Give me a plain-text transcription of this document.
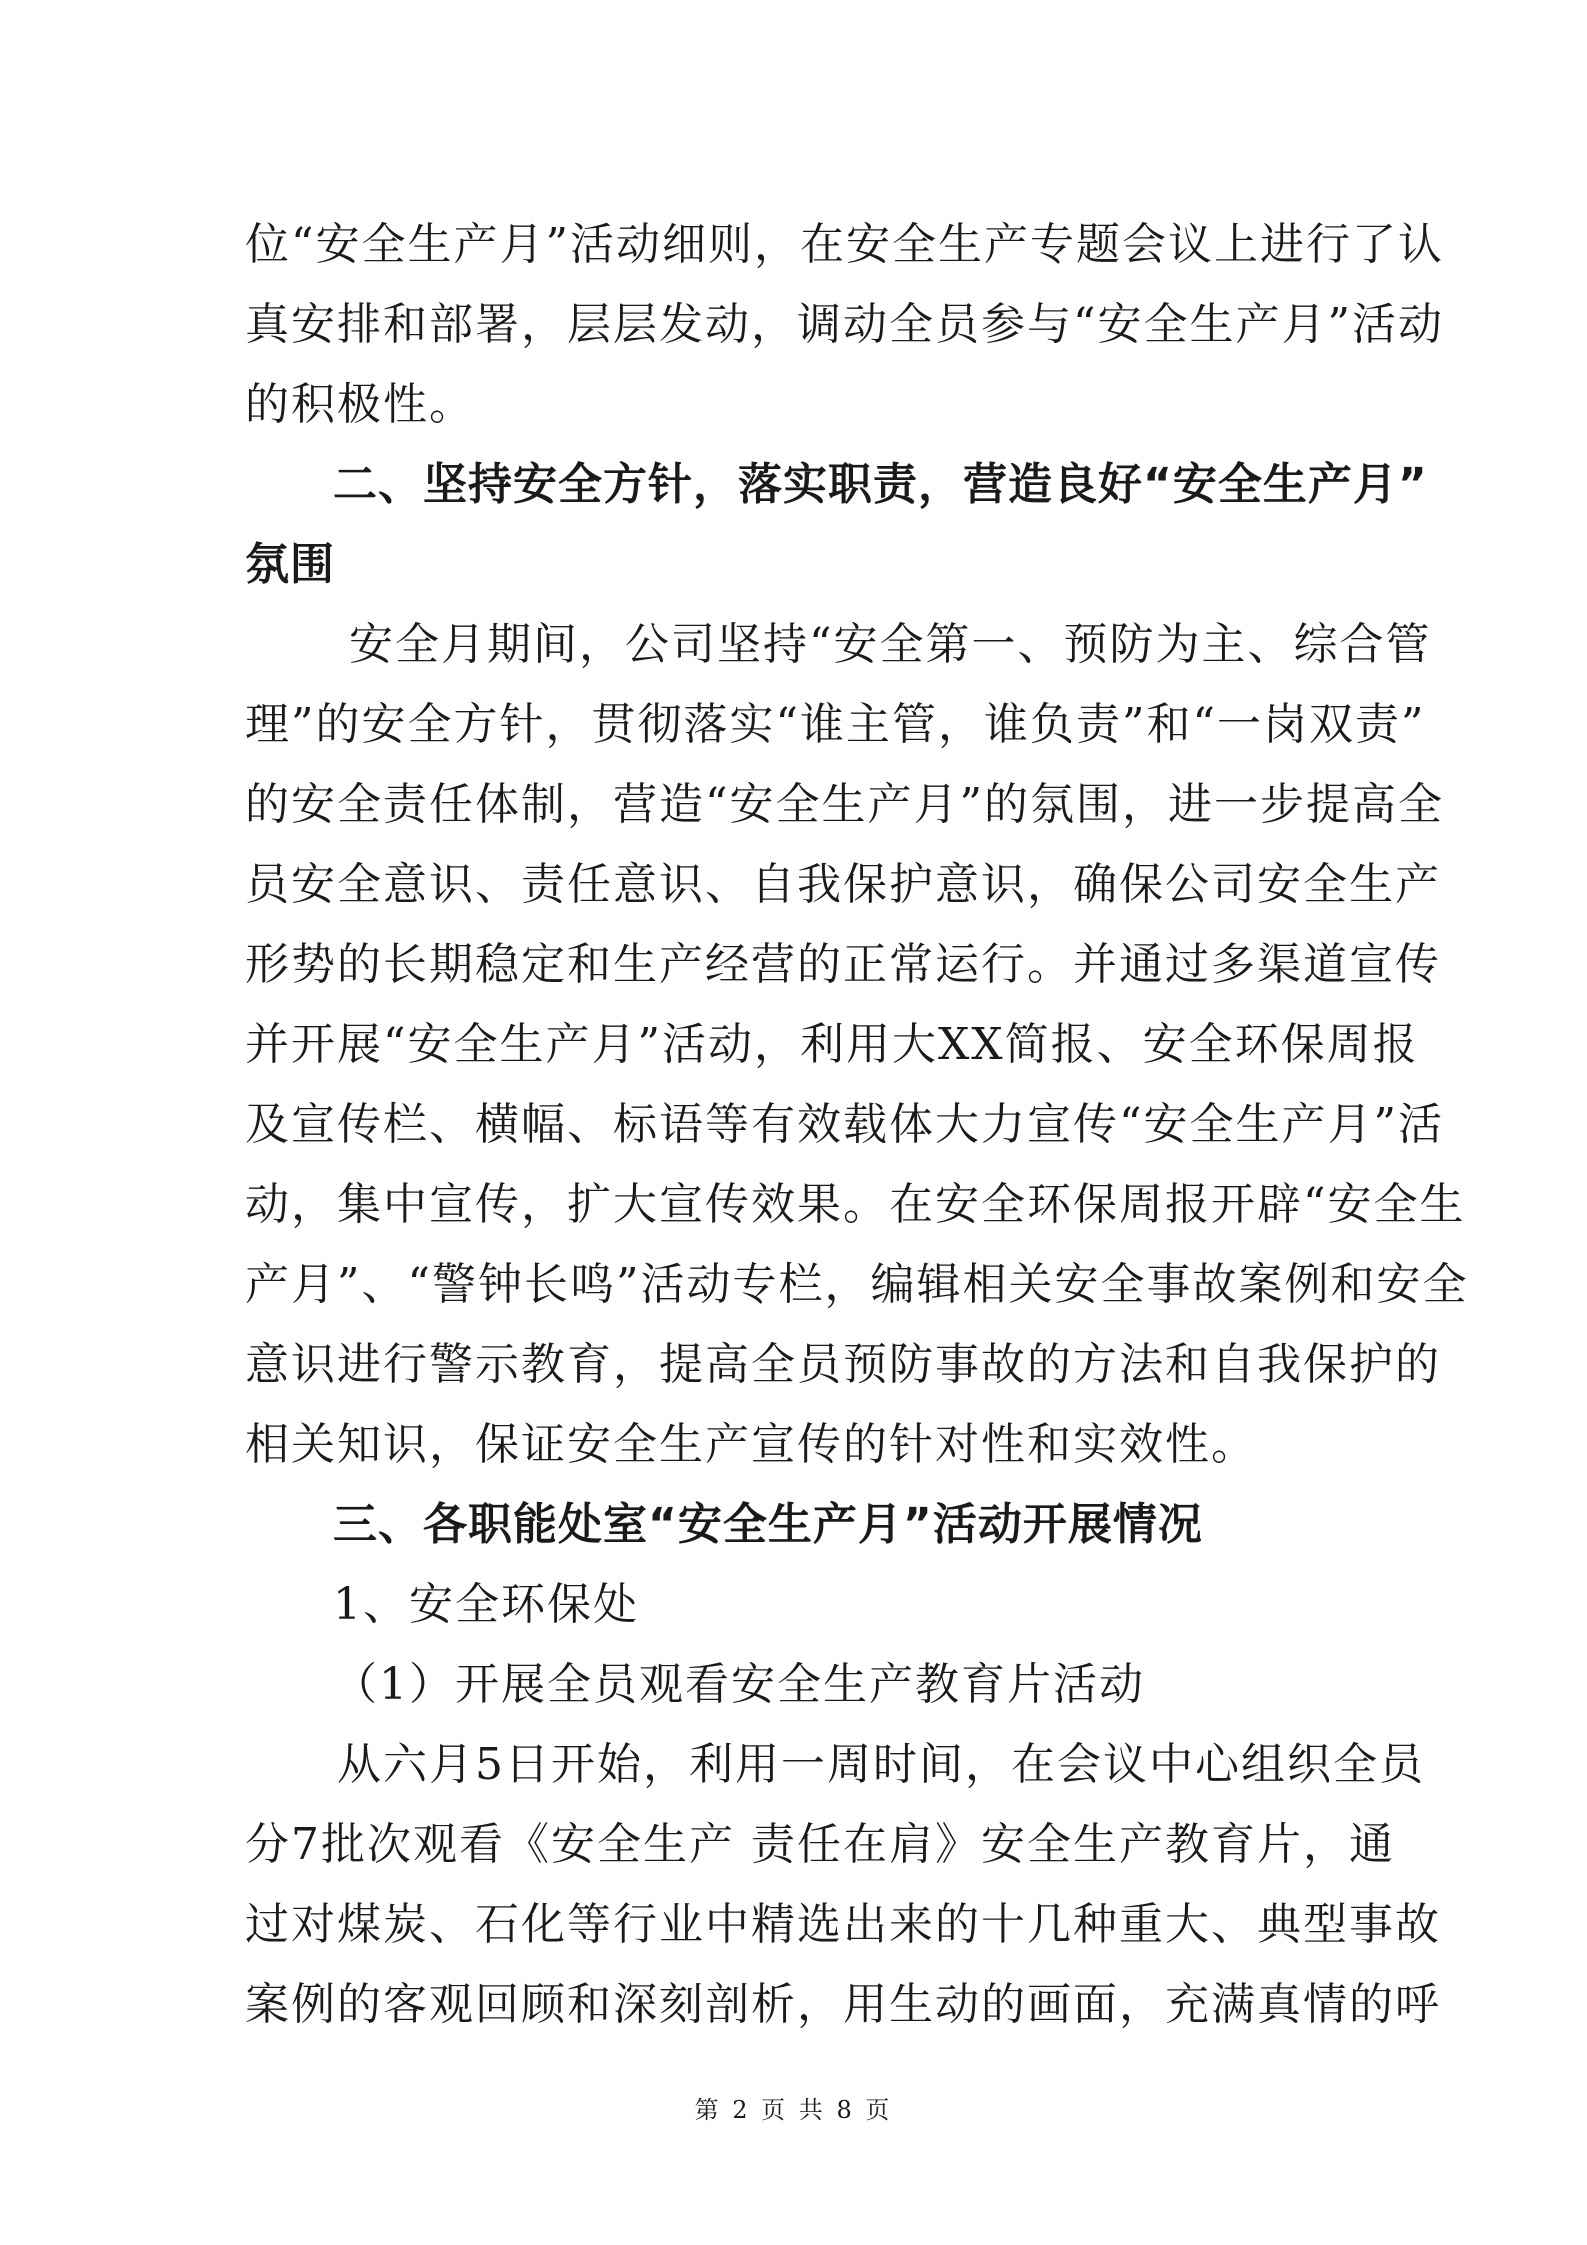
位“安全生产月”活动细则，在安全生产专题会议上进行了认
真安排和部署，层层发动，调动全员参与“安全生产月”活动
的积极性。
二、坚持安全方针，落实职责，营造良好“安全生产月”
氛围
安全月期间，公司坚持“安全第一、预防为主、综合管
理”的安全方针，贯彻落实“谁主管，谁负责”和“一岗双责”
的安全责任体制，营造“安全生产月”的氛围，进一步提高全
员安全意识、责任意识、自我保护意识，确保公司安全生产
形势的长期稳定和生产经营的正常运行。并通过多渠道宣传
并开展“安全生产月”活动，利用大XX简报、安全环保周报
及宣传栏、横幅、标语等有效载体大力宣传“安全生产月”活
动，集中宣传，扩大宣传效果。在安全环保周报开辟“安全生
产月”、“警钟长鸣”活动专栏，编辑相关安全事故案例和安全
意识进行警示教育，提高全员预防事故的方法和自我保护的
相关知识，保证安全生产宣传的针对性和实效性。
三、各职能处室“安全生产月”活动开展情况
1、安全环保处
（1）开展全员观看安全生产教育片活动
从六月5日开始，利用一周时间，在会议中心组织全员
分7批次观看《安全生产 责任在肩》安全生产教育片，通
过对煤炭、石化等行业中精选出来的十几种重大、典型事故
案例的客观回顾和深刻剖析，用生动的画面，充满真情的呼
第 2 页 共 8 页
